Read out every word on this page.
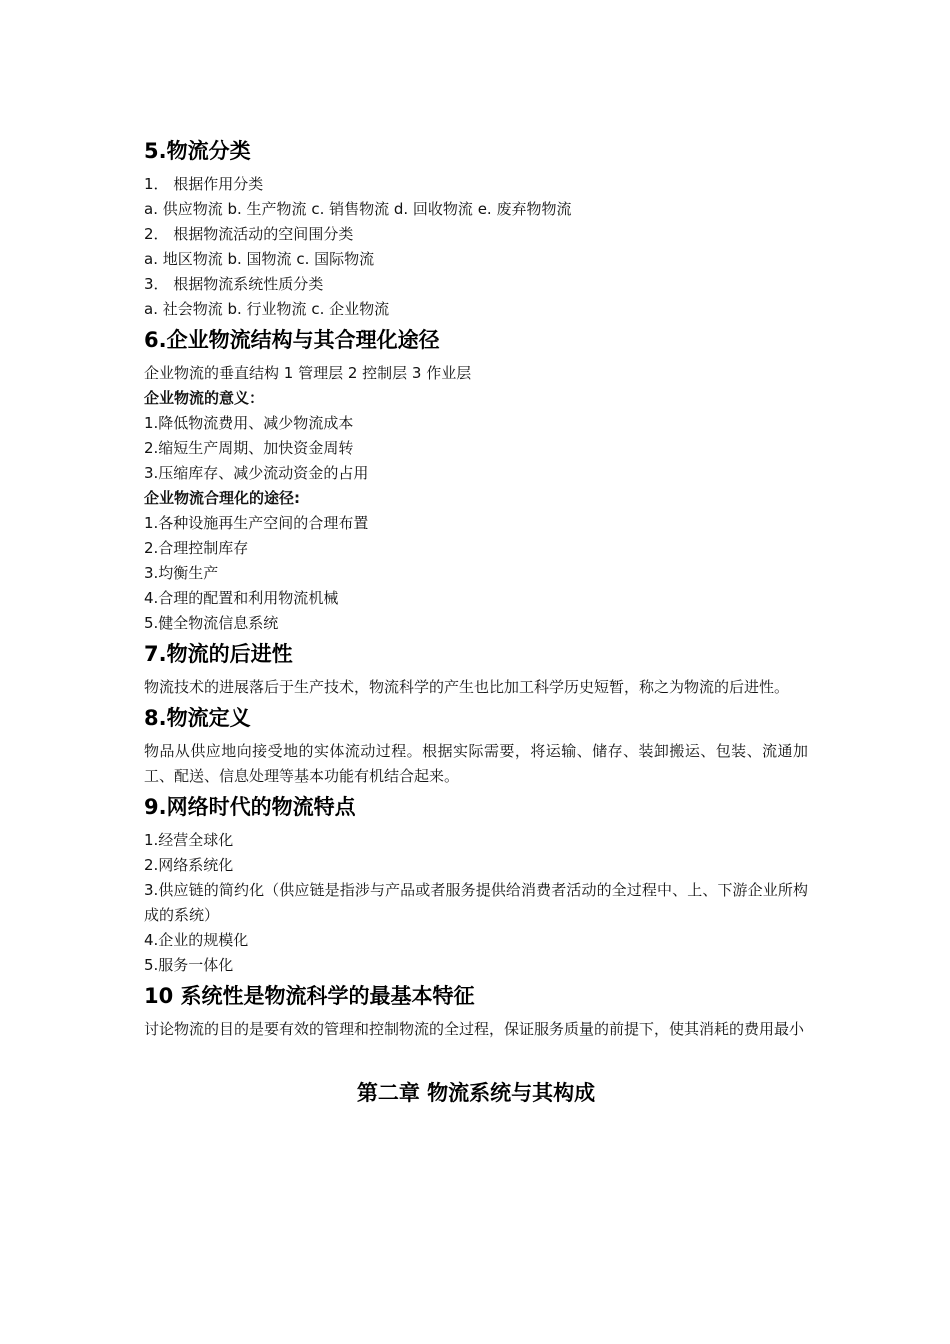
5.物流分类

1． 根据作用分类

a. 供应物流 b. 生产物流 c. 销售物流 d. 回收物流 e. 废弃物物流

2． 根据物流活动的空间围分类

a. 地区物流 b. 国物流 c. 国际物流

3． 根据物流系统性质分类

a. 社会物流 b. 行业物流 c. 企业物流

6.企业物流结构与其合理化途径

企业物流的垂直结构 1 管理层 2 控制层 3 作业层

企业物流的意义：

1.降低物流费用、减少物流成本

2.缩短生产周期、加快资金周转

3.压缩库存、减少流动资金的占用

企业物流合理化的途径:

1.各种设施再生产空间的合理布置

2.合理控制库存

3.均衡生产

4.合理的配置和利用物流机械

5.健全物流信息系统

7.物流的后进性

物流技术的进展落后于生产技术，物流科学的产生也比加工科学历史短暂，称之为物流的后进性。

8.物流定义

物品从供应地向接受地的实体流动过程。根据实际需要，将运输、储存、装卸搬运、包装、流通加工、配送、信息处理等基本功能有机结合起来。

9.网络时代的物流特点

1.经营全球化

2.网络系统化

3.供应链的简约化（供应链是指涉与产品或者服务提供给消费者活动的全过程中、上、下游企业所构成的系统）

4.企业的规模化

5.服务一体化

10 系统性是物流科学的最基本特征

讨论物流的目的是要有效的管理和控制物流的全过程，保证服务质量的前提下，使其消耗的费用最小

第二章 物流系统与其构成
